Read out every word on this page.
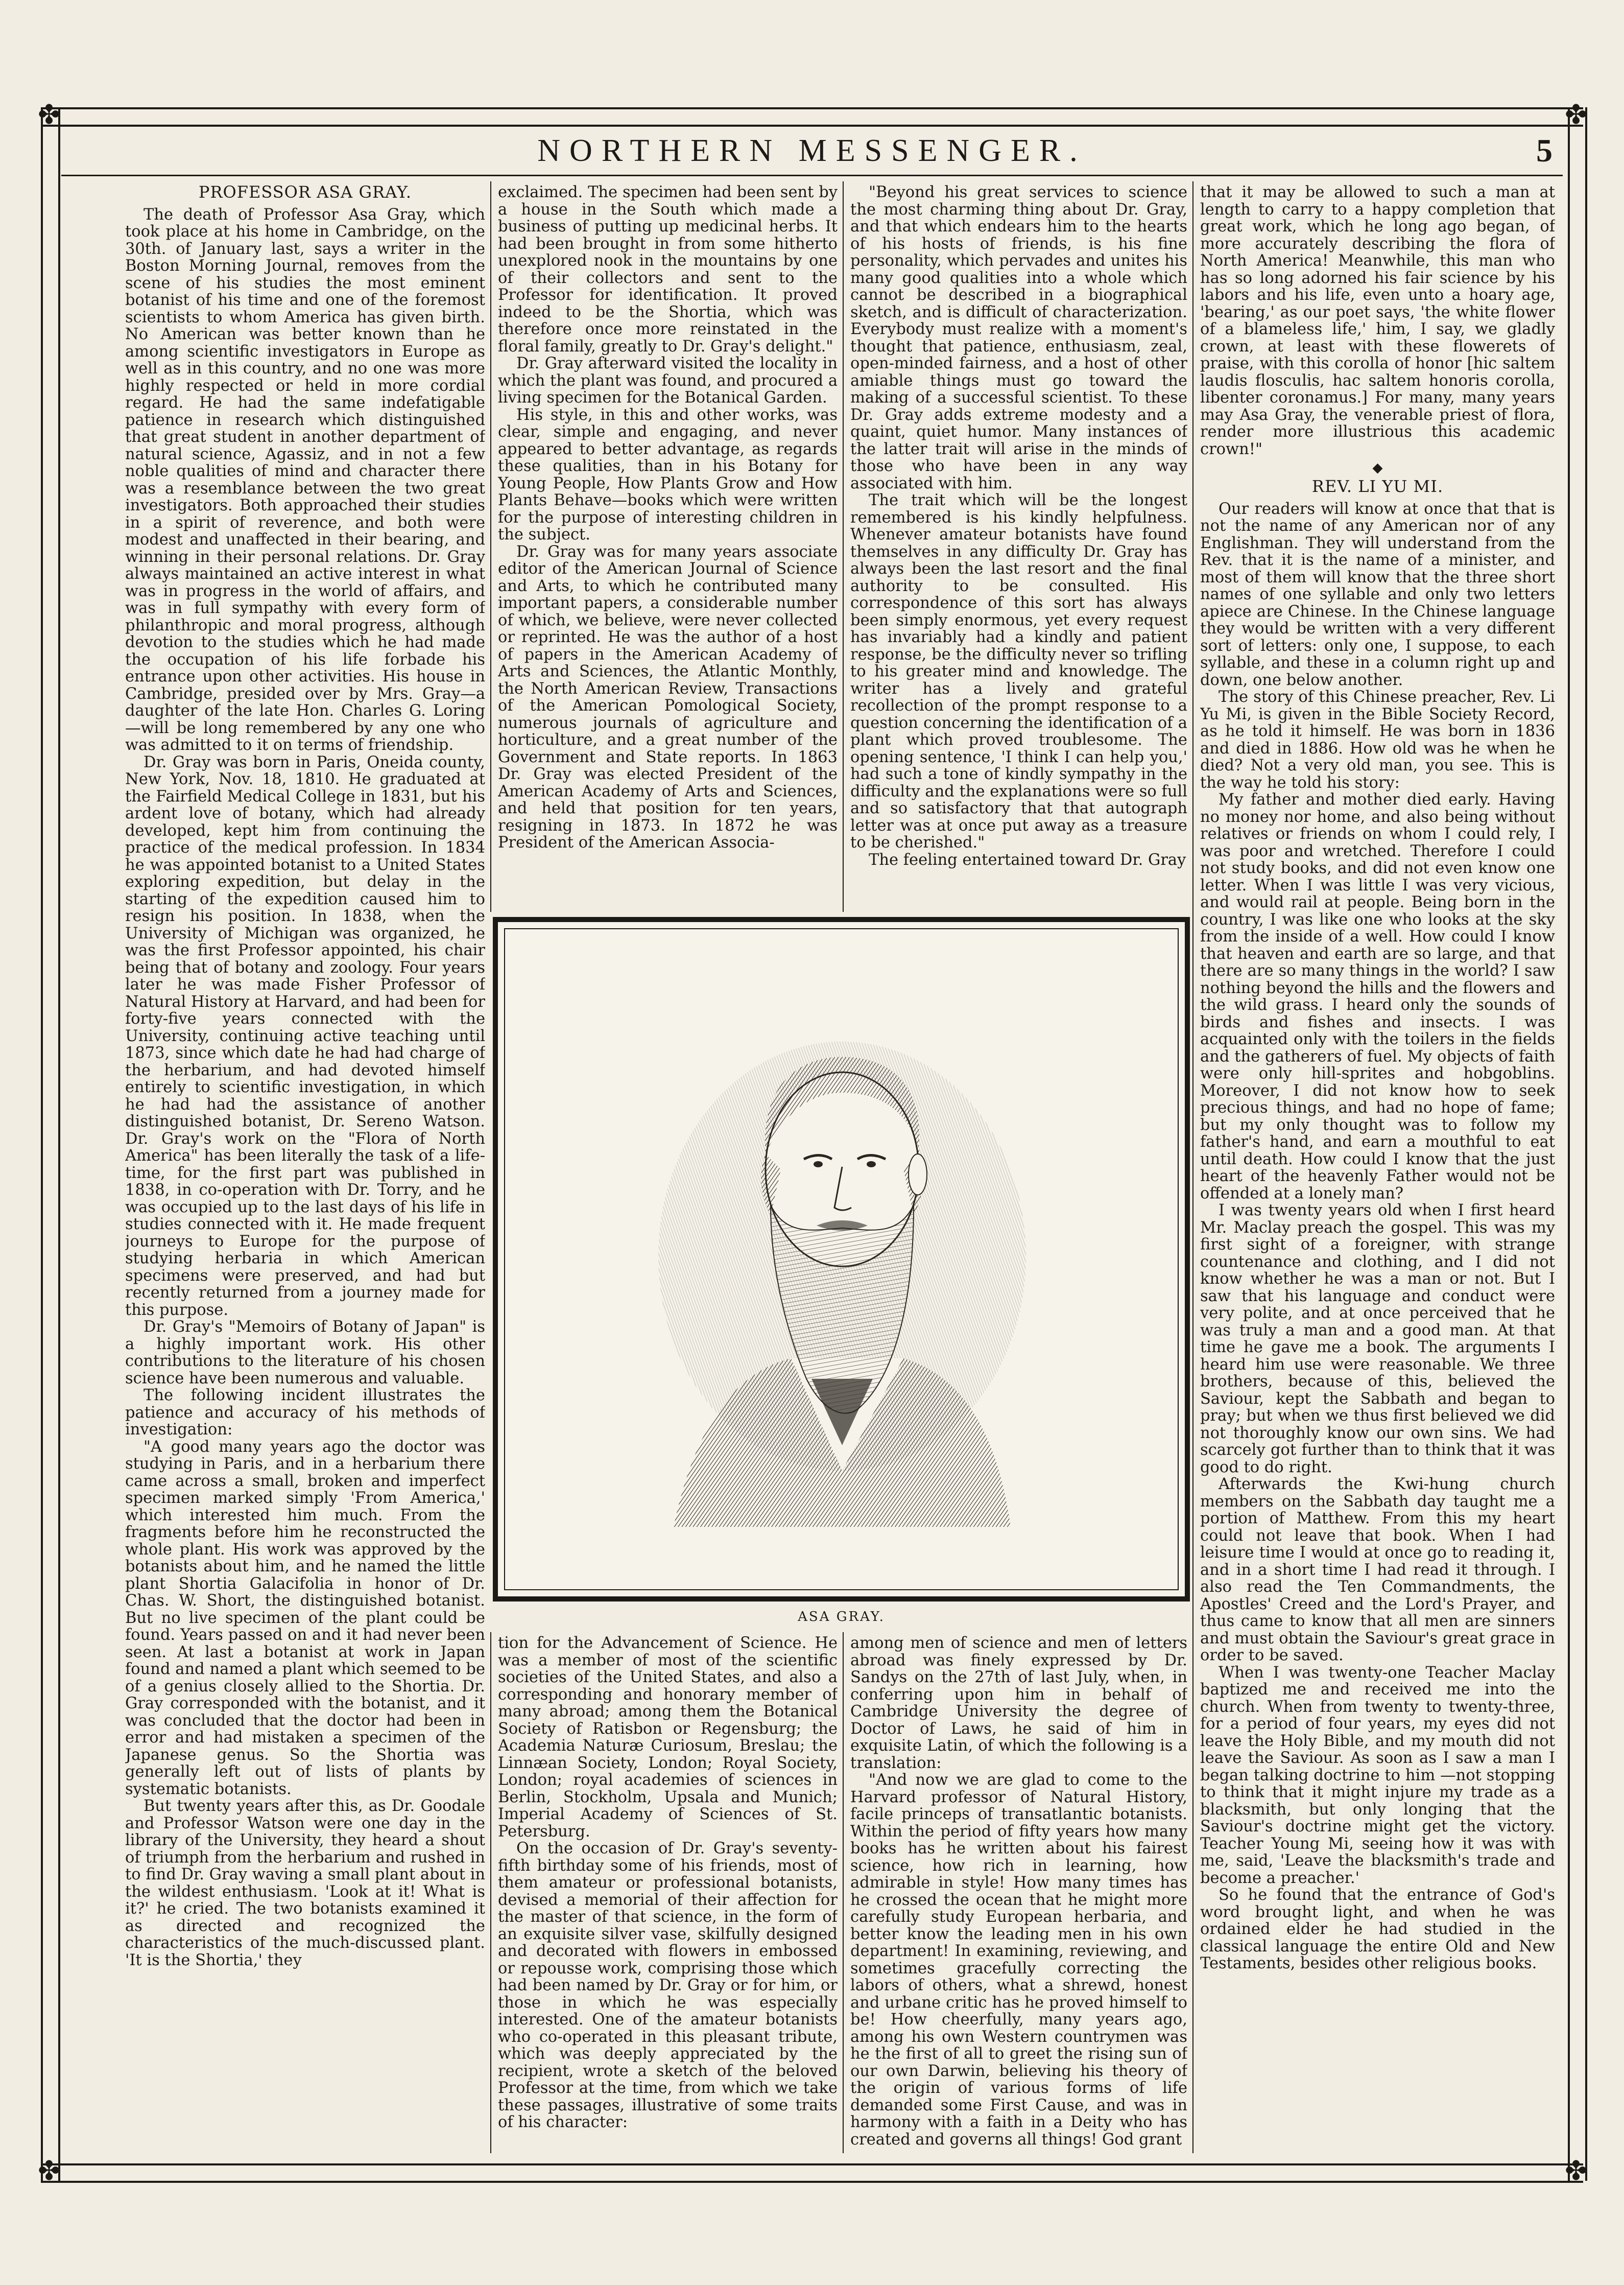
✤	✤
✤	✤
NORTHERN MESSENGER.	5

PROFESSOR ASA GRAY.

The death of Professor Asa Gray, which took place at his home in Cambridge, on the 30th. of January last, says a writer in the Boston Morning Journal, removes from the scene of his studies the most eminent botanist of his time and one of the foremost scientists to whom America has given birth. No American was better known than he among scientific investigators in Europe as well as in this country, and no one was more highly respected or held in more cordial regard. He had the same indefatigable patience in research which distinguished that great student in another department of natural science, Agassiz, and in not a few noble qualities of mind and character there was a resemblance between the two great investigators. Both approached their studies in a spirit of reverence, and both were modest and unaffected in their bearing, and winning in their personal relations. Dr. Gray always maintained an active interest in what was in progress in the world of affairs, and was in full sympathy with every form of philanthropic and moral progress, although devotion to the studies which he had made the occupation of his life forbade his entrance upon other activities. His house in Cambridge, presided over by Mrs. Gray—a daughter of the late Hon. Charles G. Loring—will be long remembered by any one who was admitted to it on terms of friendship.

Dr. Gray was born in Paris, Oneida county, New York, Nov. 18, 1810. He graduated at the Fairfield Medical College in 1831, but his ardent love of botany, which had already developed, kept him from continuing the practice of the medical profession. In 1834 he was appointed botanist to a United States exploring expedition, but delay in the starting of the expedition caused him to resign his position. In 1838, when the University of Michigan was organized, he was the first Professor appointed, his chair being that of botany and zoology. Four years later he was made Fisher Professor of Natural History at Harvard, and had been for forty-five years connected with the University, continuing active teaching until 1873, since which date he had had charge of the herbarium, and had devoted himself entirely to scientific investigation, in which he had had the assistance of another distinguished botanist, Dr. Sereno Watson. Dr. Gray's work on the "Flora of North America" has been literally the task of a life-time, for the first part was published in 1838, in co-operation with Dr. Torry, and he was occupied up to the last days of his life in studies connected with it. He made frequent journeys to Europe for the purpose of studying herbaria in which American specimens were preserved, and had but recently returned from a journey made for this purpose.

Dr. Gray's "Memoirs of Botany of Japan" is a highly important work. His other contributions to the literature of his chosen science have been numerous and valuable.

The following incident illustrates the patience and accuracy of his methods of investigation:

"A good many years ago the doctor was studying in Paris, and in a herbarium there came across a small, broken and imperfect specimen marked simply 'From America,' which interested him much. From the fragments before him he reconstructed the whole plant. His work was approved by the botanists about him, and he named the little plant Shortia Galacifolia in honor of Dr. Chas. W. Short, the distinguished botanist. But no live specimen of the plant could be found. Years passed on and it had never been seen. At last a botanist at work in Japan found and named a plant which seemed to be of a genius closely allied to the Shortia. Dr. Gray corresponded with the botanist, and it was concluded that the doctor had been in error and had mistaken a specimen of the Japanese genus. So the Shortia was generally left out of lists of plants by systematic botanists.

But twenty years after this, as Dr. Goodale and Professor Watson were one day in the library of the University, they heard a shout of triumph from the herbarium and rushed in to find Dr. Gray waving a small plant about in the wildest enthusiasm. 'Look at it! What is it?' he cried. The two botanists examined it as directed and recognized the characteristics of the much-discussed plant. 'It is the Shortia,' they

exclaimed. The specimen had been sent by a house in the South which made a business of putting up medicinal herbs. It had been brought in from some hitherto unexplored nook in the mountains by one of their collectors and sent to the Professor for identification. It proved indeed to be the Shortia, which was therefore once more reinstated in the floral family, greatly to Dr. Gray's delight."

Dr. Gray afterward visited the locality in which the plant was found, and procured a living specimen for the Botanical Garden.

His style, in this and other works, was clear, simple and engaging, and never appeared to better advantage, as regards these qualities, than in his Botany for Young People, How Plants Grow and How Plants Behave—books which were written for the purpose of interesting children in the subject.

Dr. Gray was for many years associate editor of the American Journal of Science and Arts, to which he contributed many important papers, a considerable number of which, we believe, were never collected or reprinted. He was the author of a host of papers in the American Academy of Arts and Sciences, the Atlantic Monthly, the North American Review, Transactions of the American Pomological Society, numerous journals of agriculture and horticulture, and a great number of the Government and State reports. In 1863 Dr. Gray was elected President of the American Academy of Arts and Sciences, and held that position for ten years, resigning in 1873. In 1872 he was President of the American Associa-

"Beyond his great services to science the most charming thing about Dr. Gray, and that which endears him to the hearts of his hosts of friends, is his fine personality, which pervades and unites his many good qualities into a whole which cannot be described in a biographical sketch, and is difficult of characterization. Everybody must realize with a moment's thought that patience, enthusiasm, zeal, open-minded fairness, and a host of other amiable things must go toward the making of a successful scientist. To these Dr. Gray adds extreme modesty and a quaint, quiet humor. Many instances of the latter trait will arise in the minds of those who have been in any way associated with him.

The trait which will be the longest remembered is his kindly helpfulness. Whenever amateur botanists have found themselves in any difficulty Dr. Gray has always been the last resort and the final authority to be consulted. His correspondence of this sort has always been simply enormous, yet every request has invariably had a kindly and patient response, be the difficulty never so trifling to his greater mind and knowledge. The writer has a lively and grateful recollection of the prompt response to a question concerning the identification of a plant which proved troublesome. The opening sentence, 'I think I can help you,' had such a tone of kindly sympathy in the difficulty and the explanations were so full and so satisfactory that that autograph letter was at once put away as a treasure to be cherished."

The feeling entertained toward Dr. Gray

that it may be allowed to such a man at length to carry to a happy completion that great work, which he long ago began, of more accurately describing the flora of North America! Meanwhile, this man who has so long adorned his fair science by his labors and his life, even unto a hoary age, 'bearing,' as our poet says, 'the white flower of a blameless life,' him, I say, we gladly crown, at least with these flowerets of praise, with this corolla of honor [hic saltem laudis flosculis, hac saltem honoris corolla, libenter coronamus.] For many, many years may Asa Gray, the venerable priest of flora, render more illustrious this academic crown!"

◆

REV. LI YU MI.

Our readers will know at once that that is not the name of any American nor of any Englishman. They will understand from the Rev. that it is the name of a minister, and most of them will know that the three short names of one syllable and only two letters apiece are Chinese. In the Chinese language they would be written with a very different sort of letters: only one, I suppose, to each syllable, and these in a column right up and down, one below another.

The story of this Chinese preacher, Rev. Li Yu Mi, is given in the Bible Society Record, as he told it himself. He was born in 1836 and died in 1886. How old was he when he died? Not a very old man, you see. This is the way he told his story:

My father and mother died early. Having no money nor home, and also being without relatives or friends on whom I could rely, I was poor and wretched. Therefore I could not study books, and did not even know one letter. When I was little I was very vicious, and would rail at people. Being born in the country, I was like one who looks at the sky from the inside of a well. How could I know that heaven and earth are so large, and that there are so many things in the world? I saw nothing beyond the hills and the flowers and the wild grass. I heard only the sounds of birds and fishes and insects. I was acquainted only with the toilers in the fields and the gatherers of fuel. My objects of faith were only hill-sprites and hobgoblins. Moreover, I did not know how to seek precious things, and had no hope of fame; but my only thought was to follow my father's hand, and earn a mouthful to eat until death. How could I know that the just heart of the heavenly Father would not be offended at a lonely man?

I was twenty years old when I first heard Mr. Maclay preach the gospel. This was my first sight of a foreigner, with strange countenance and clothing, and I did not know whether he was a man or not. But I saw that his language and conduct were very polite, and at once perceived that he was truly a man and a good man. At that time he gave me a book. The arguments I heard him use were reasonable. We three brothers, because of this, believed the Saviour, kept the Sabbath and began to pray; but when we thus first believed we did not thoroughly know our own sins. We had scarcely got further than to think that it was good to do right.

Afterwards the Kwi-hung church members on the Sabbath day taught me a portion of Matthew. From this my heart could not leave that book. When I had leisure time I would at once go to reading it, and in a short time I had read it through. I also read the Ten Commandments, the Apostles' Creed and the Lord's Prayer, and thus came to know that all men are sinners and must obtain the Saviour's great grace in order to be saved.

When I was twenty-one Teacher Maclay baptized me and received me into the church. When from twenty to twenty-three, for a period of four years, my eyes did not leave the Holy Bible, and my mouth did not leave the Saviour. As soon as I saw a man I began talking doctrine to him —not stopping to think that it might injure my trade as a blacksmith, but only longing that the Saviour's doctrine might get the victory. Teacher Young Mi, seeing how it was with me, said, 'Leave the blacksmith's trade and become a preacher.'

So he found that the entrance of God's word brought light, and when he was ordained elder he had studied in the classical language the entire Old and New Testaments, besides other religious books.

ASA GRAY.

tion for the Advancement of Science. He was a member of most of the scientific societies of the United States, and also a corresponding and honorary member of many abroad; among them the Botanical Society of Ratisbon or Regensburg; the Academia Naturæ Curiosum, Breslau; the Linnæan Society, London; Royal Society, London; royal academies of sciences in Berlin, Stockholm, Upsala and Munich; Imperial Academy of Sciences of St. Petersburg.

On the occasion of Dr. Gray's seventy-fifth birthday some of his friends, most of them amateur or professional botanists, devised a memorial of their affection for the master of that science, in the form of an exquisite silver vase, skilfully designed and decorated with flowers in embossed or repousse work, comprising those which had been named by Dr. Gray or for him, or those in which he was especially interested. One of the amateur botanists who co-operated in this pleasant tribute, which was deeply appreciated by the recipient, wrote a sketch of the beloved Professor at the time, from which we take these passages, illustrative of some traits of his character:

among men of science and men of letters abroad was finely expressed by Dr. Sandys on the 27th of last July, when, in conferring upon him in behalf of Cambridge University the degree of Doctor of Laws, he said of him in exquisite Latin, of which the following is a translation:

"And now we are glad to come to the Harvard professor of Natural History, facile princeps of transatlantic botanists. Within the period of fifty years how many books has he written about his fairest science, how rich in learning, how admirable in style! How many times has he crossed the ocean that he might more carefully study European herbaria, and better know the leading men in his own department! In examining, reviewing, and sometimes gracefully correcting the labors of others, what a shrewd, honest and urbane critic has he proved himself to be! How cheerfully, many years ago, among his own Western countrymen was he the first of all to greet the rising sun of our own Darwin, believing his theory of the origin of various forms of life demanded some First Cause, and was in harmony with a faith in a Deity who has created and governs all things! God grant
